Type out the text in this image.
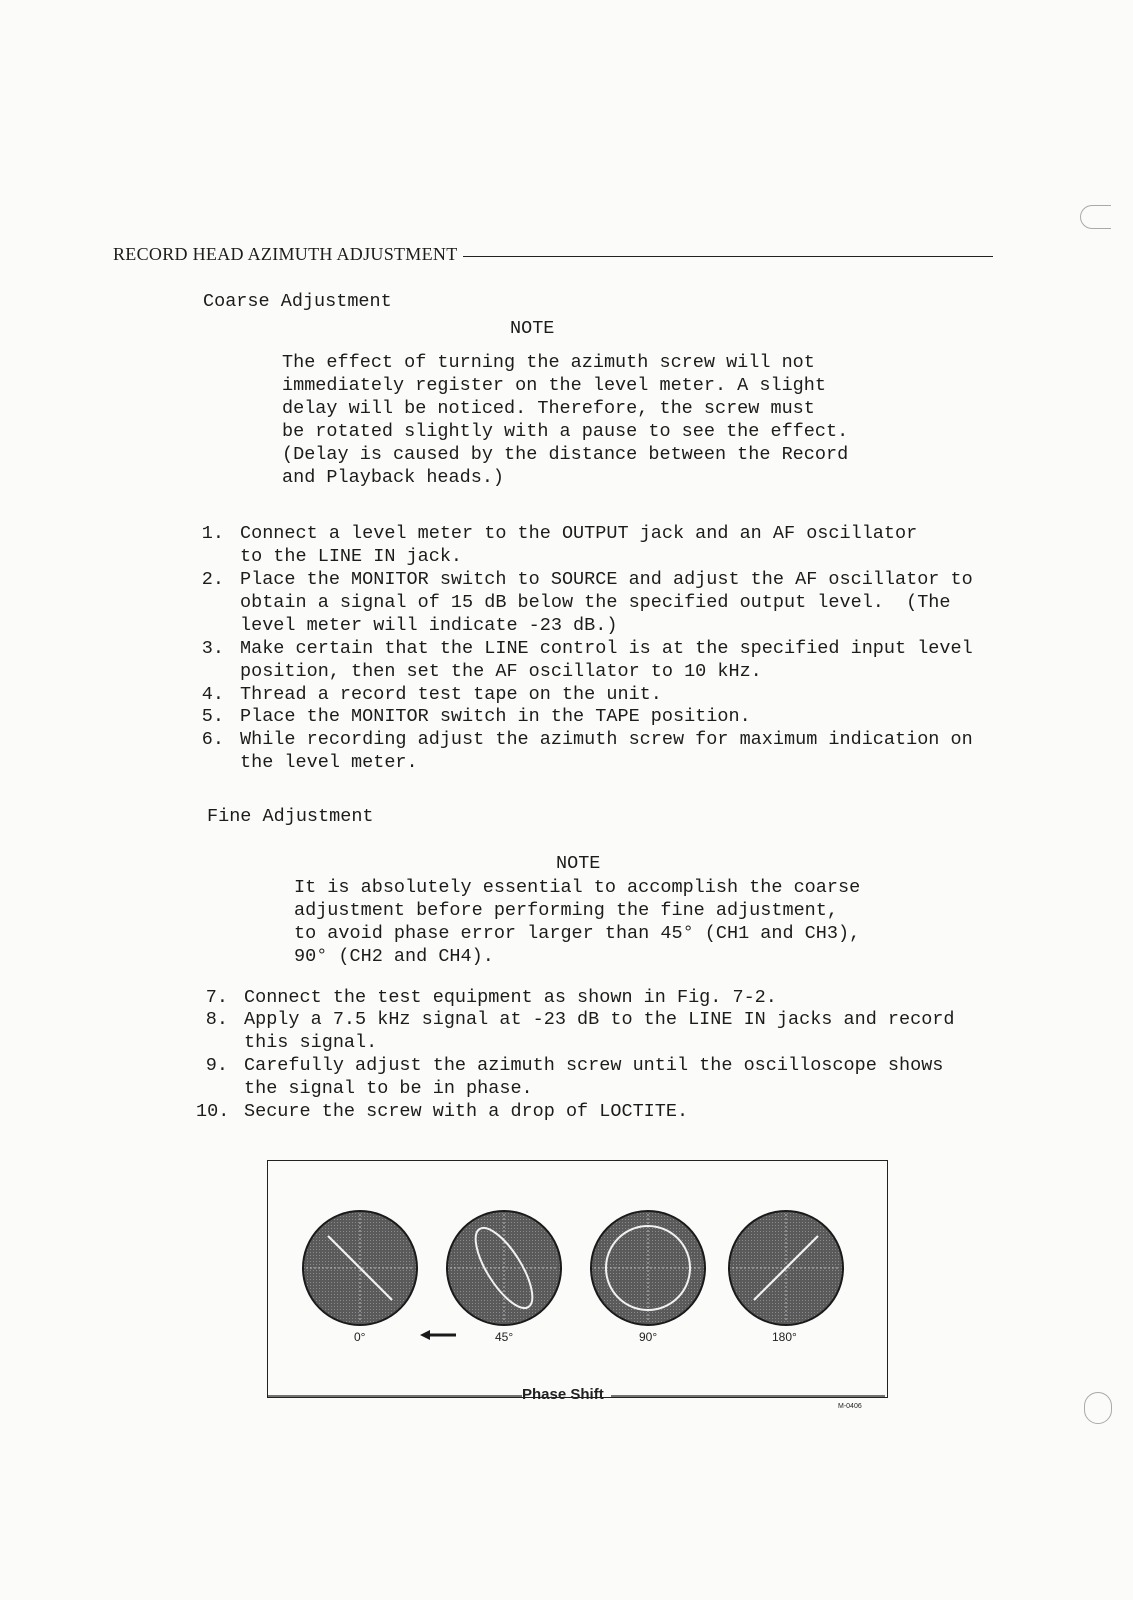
RECORD HEAD AZIMUTH ADJUSTMENT
Coarse Adjustment
NOTE
The effect of turning the azimuth screw will not
immediately register on the level meter. A slight
delay will be noticed. Therefore, the screw must
be rotated slightly with a pause to see the effect.
(Delay is caused by the distance between the Record
and Playback heads.)
1. Connect a level meter to the OUTPUT jack and an AF oscillator
to the LINE IN jack.
2. Place the MONITOR switch to SOURCE and adjust the AF oscillator to
obtain a signal of 15 dB below the specified output level.  (The
level meter will indicate -23 dB.)
3. Make certain that the LINE control is at the specified input level
position, then set the AF oscillator to 10 kHz.
4. Thread a record test tape on the unit.
5. Place the MONITOR switch in the TAPE position.
6. While recording adjust the azimuth screw for maximum indication on
the level meter.
Fine Adjustment
NOTE
It is absolutely essential to accomplish the coarse
adjustment before performing the fine adjustment,
to avoid phase error larger than 45° (CH1 and CH3),
90° (CH2 and CH4).
7. Connect the test equipment as shown in Fig. 7-2.
8. Apply a 7.5 kHz signal at -23 dB to the LINE IN jacks and record
this signal.
9. Carefully adjust the azimuth screw until the oscilloscope shows
the signal to be in phase.
10. Secure the screw with a drop of LOCTITE.
0°	45°	90°	180°
Phase Shift
M-0406
